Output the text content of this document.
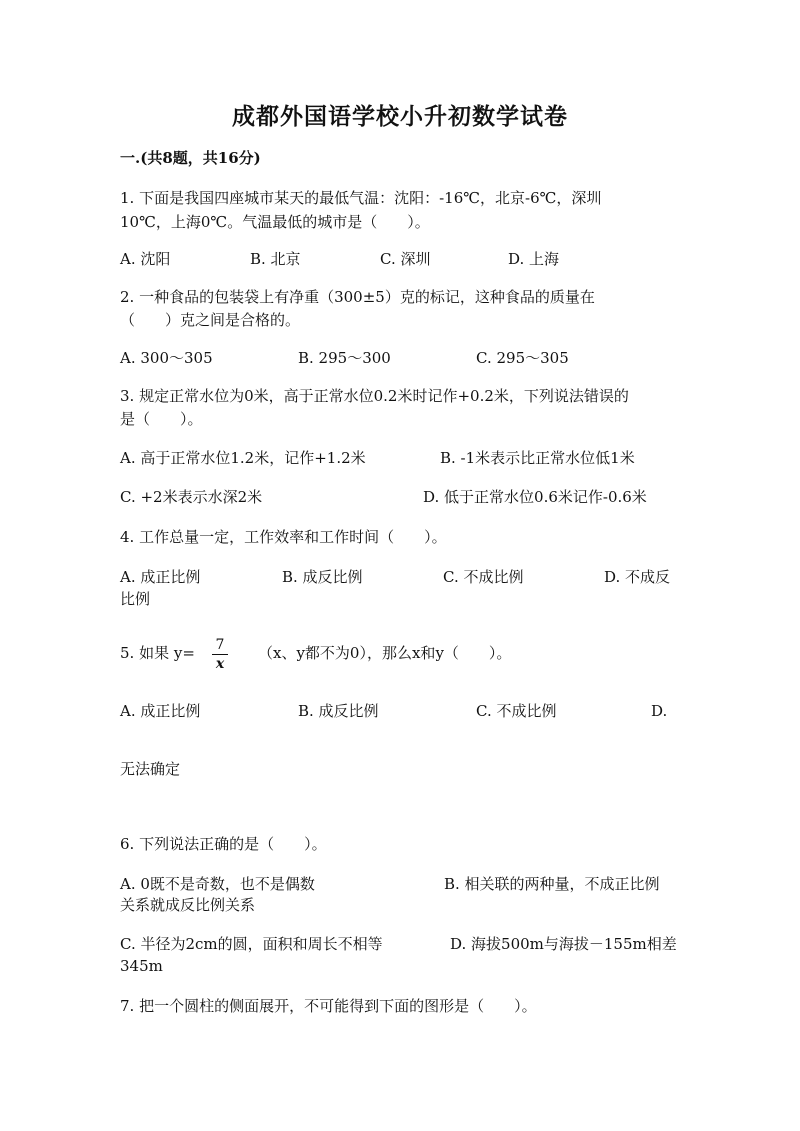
成都外国语学校小升初数学试卷
一.(共8题，共16分)
1. 下面是我国四座城市某天的最低气温：沈阳：-16℃，北京-6℃，深圳
10℃，上海0℃。气温最低的城市是（　　）。
A. 沈阳	B. 北京	C. 深圳	D. 上海
2. 一种食品的包装袋上有净重（300±5）克的标记，这种食品的质量在
（　　）克之间是合格的。
A. 300～305	B. 295～300	C. 295～305
3. 规定正常水位为0米，高于正常水位0.2米时记作+0.2米，下列说法错误的
是（　　）。
A. 高于正常水位1.2米，记作+1.2米	B. -1米表示比正常水位低1米
C. +2米表示水深2米	D. 低于正常水位0.6米记作-0.6米
4. 工作总量一定，工作效率和工作时间（　　）。
A. 成正比例	B. 成反比例	C. 不成比例	D. 不成反
比例
5. 如果 y= 7
x
（x、y都不为0），那么x和y（　　）。
A. 成正比例	B. 成反比例	C. 不成比例	D.
无法确定
6. 下列说法正确的是（　　）。
A. 0既不是奇数，也不是偶数	B. 相关联的两种量，不成正比例
关系就成反比例关系
C. 半径为2cm的圆，面积和周长不相等	D. 海拔500m与海拔－155m相差
345m
7. 把一个圆柱的侧面展开，不可能得到下面的图形是（　　）。
